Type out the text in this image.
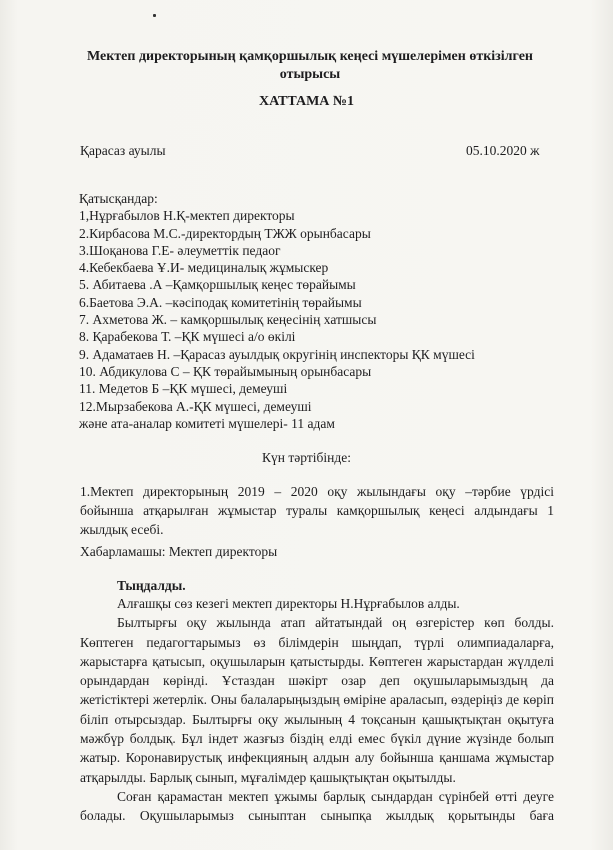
Мектеп директорының қамқоршылық кеңесі мүшелерімен өткізілген
отырысы
ХАТТАМА №1
Қарасаз ауылы	05.10.2020 ж
Қатысқандар:
1,Нұрғабылов Н.Қ-мектеп директоры
2.Кирбасова М.С.-директордың ТЖЖ орынбасары
3.Шоқанова Г.Е- әлеуметтік педаог
4.Кебекбаева Ұ.И- медициналық жұмыскер
5. Абитаева .А –Қамқоршылық кеңес төрайымы
6.Баетова Э.А. –кәсіподақ комитетінің төрайымы
7. Ахметова Ж. – камқоршылық кеңесінің хатшысы
8. Қарабекова Т. –ҚК мүшесі а/о өкілі
9. Адаматаев Н. –Қарасаз ауылдық округінің инспекторы ҚК мүшесі
10. Абдикулова С – ҚК төрайымының орынбасары
11. Медетов Б –ҚК мүшесі, демеуші
12.Мырзабекова А.-ҚК мүшесі, демеуші
және ата-аналар комитеті мүшелері- 11 адам
Күн тәртібінде:
1.Мектеп директорының 2019 – 2020 оқу жылындағы оқу –тәрбие үрдісі бойынша атқарылған жұмыстар туралы камқоршылық кеңесі алдындағы 1 жылдық есебі.
Хабарламашы: Мектеп директоры
Тыңдалды.

Алғашқы сөз кезегі мектеп директоры Н.Нұрғабылов алды.

Былтырғы оқу жылында атап айтатындай оң өзгерістер көп болды. Көптеген педагогтарымыз өз білімдерін шыңдап, түрлі олимпиадаларға, жарыстарға қатысып, оқушыларын қатыстырды. Көптеген жарыстардан жүлделі орындардан көрінді. Ұстаздан шәкірт озар деп оқушыларымыздың да жетістіктері жетерлік. Оны балаларыңыздың өміріне араласып, өздеріңіз де көріп біліп отырсыздар. Былтырғы оқу жылының 4 тоқсанын қашықтықтан оқытуға мәжбүр болдық. Бұл індет жазғыз біздің елді емес бүкіл дүние жүзінде болып жатыр. Коронавирустық инфекцияның алдын алу бойынша қаншама жұмыстар атқарылды. Барлық сынып, мұғалімдер қашықтықтан оқытылды.

Соған қарамастан мектеп ұжымы барлық сындардан сүрінбей өтті деуге болады. Оқушыларымыз сыныптан сыныпқа жылдық қорытынды баға
